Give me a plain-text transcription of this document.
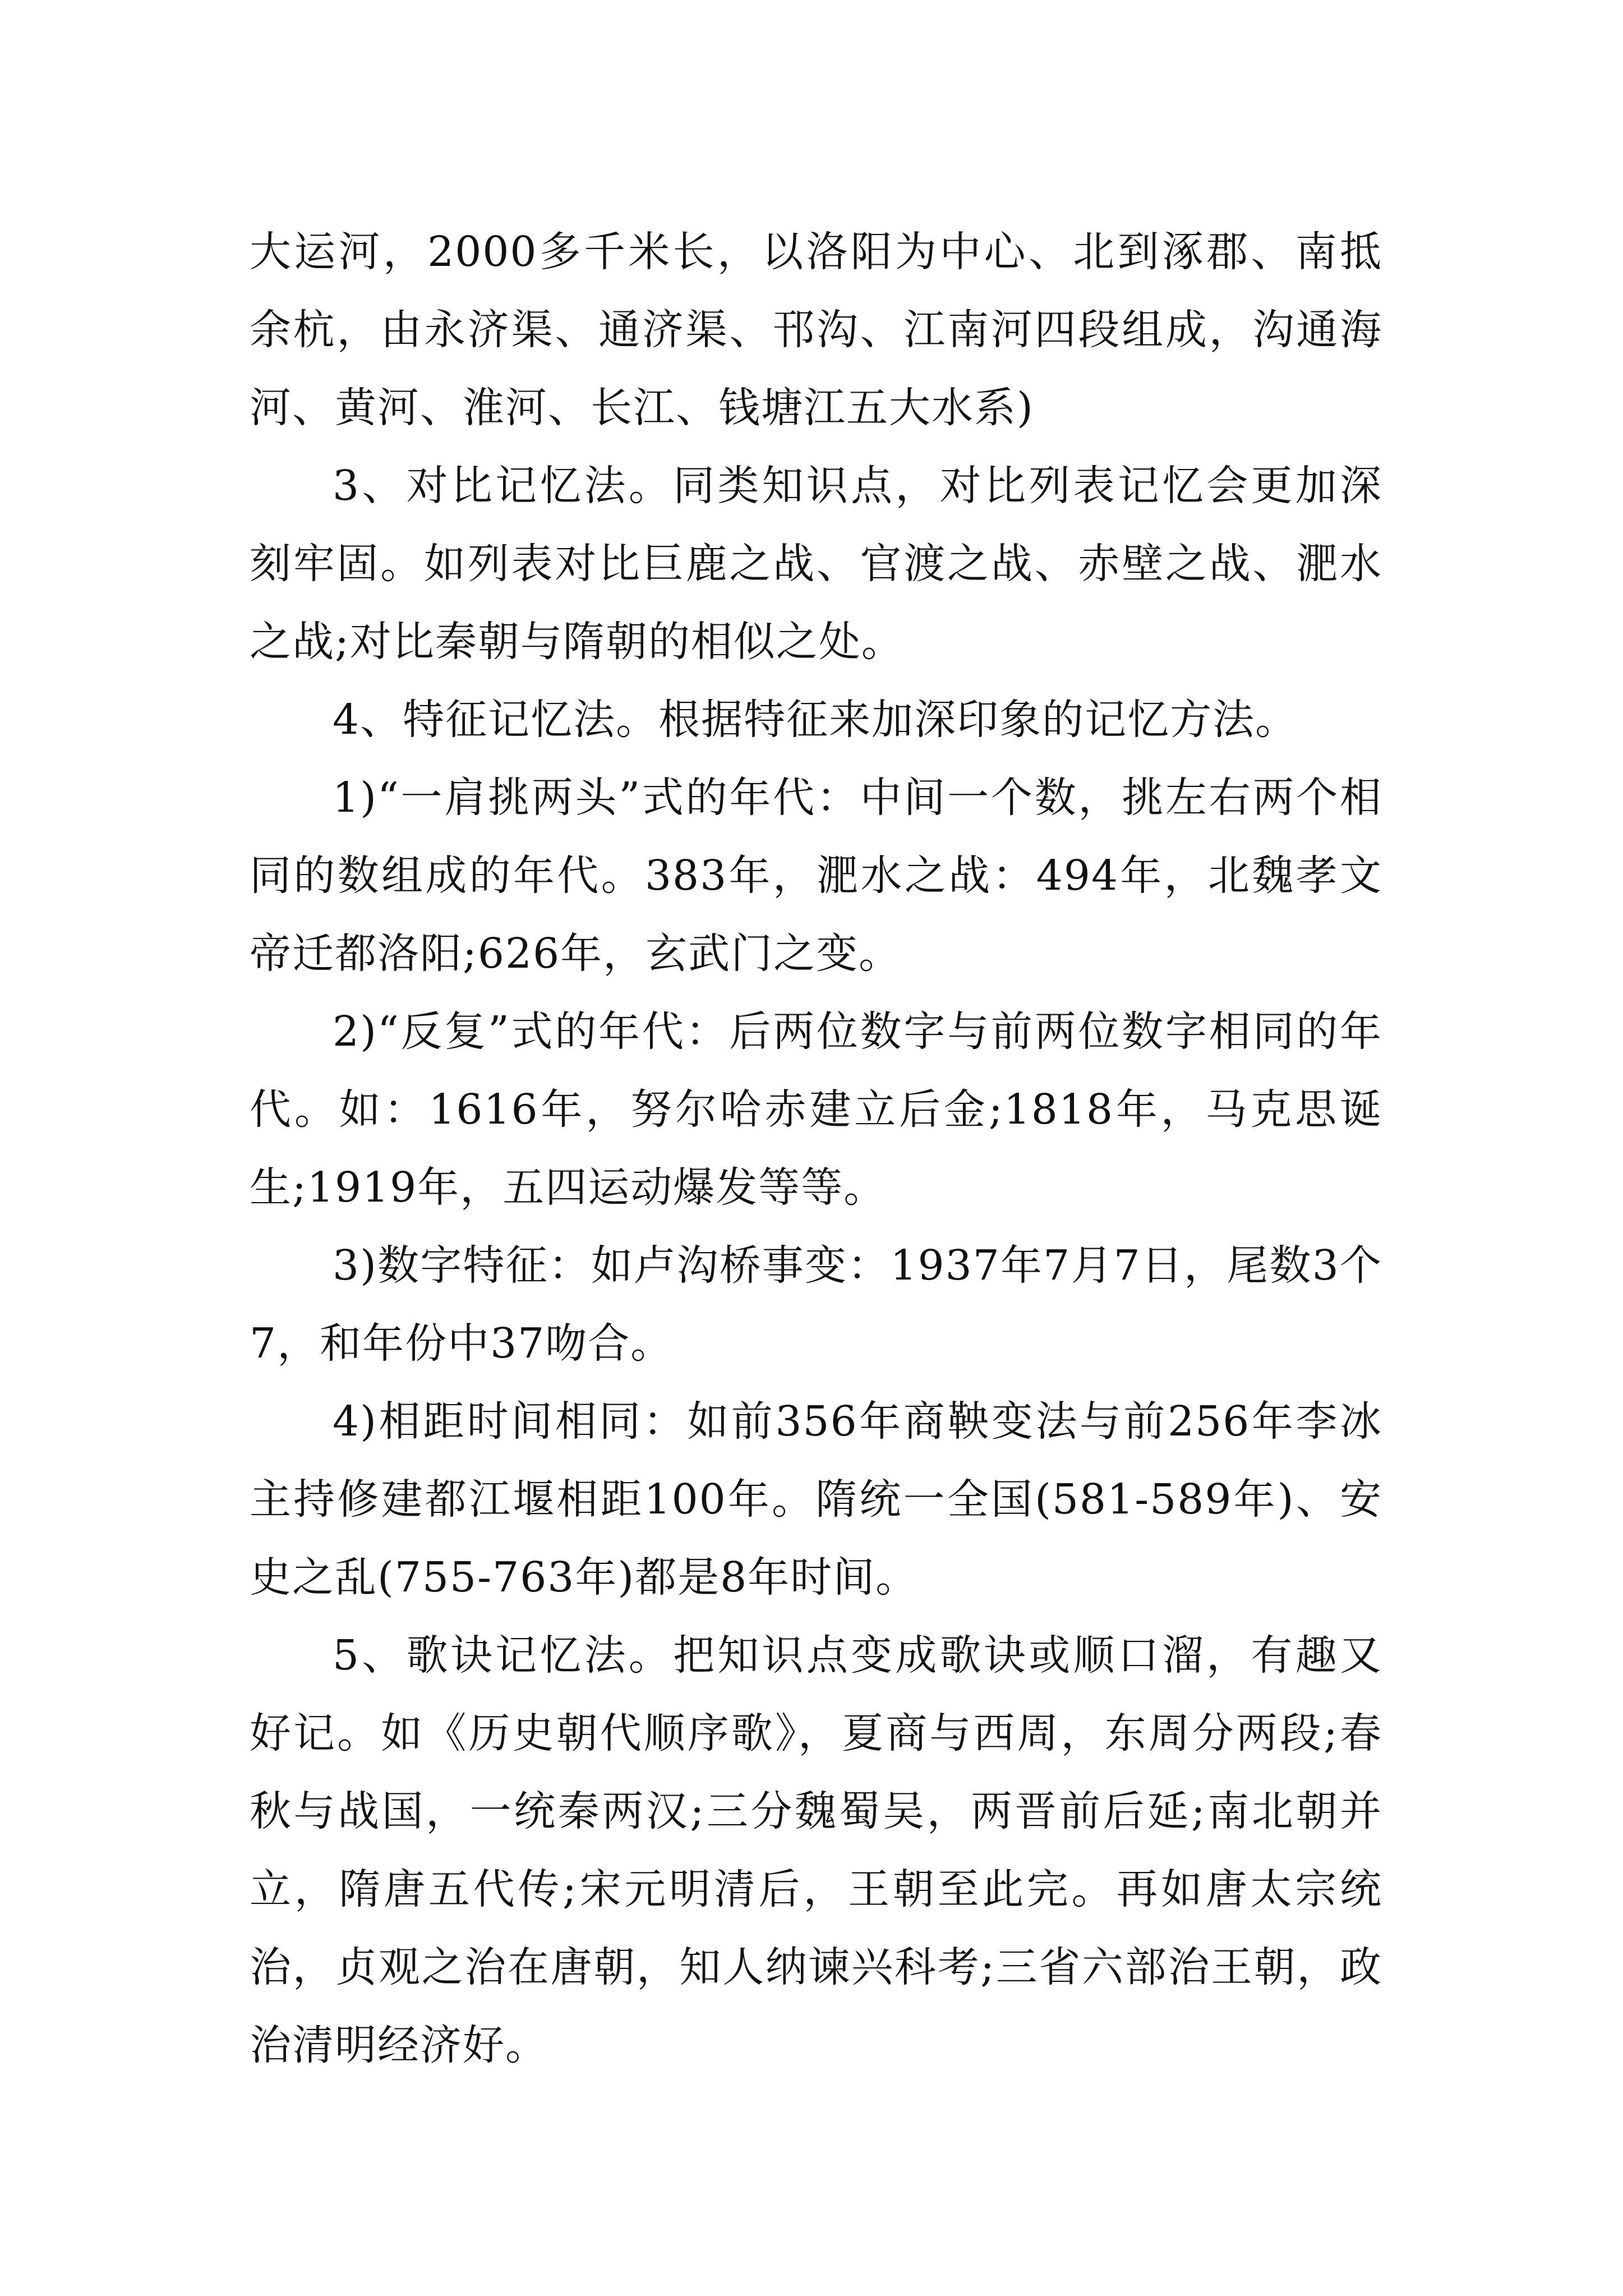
大运河，2000多千米长，以洛阳为中心、北到涿郡、南抵余杭，由永济渠、通济渠、邗沟、江南河四段组成，沟通海河、黄河、淮河、长江、钱塘江五大水系)

3、对比记忆法。同类知识点，对比列表记忆会更加深刻牢固。如列表对比巨鹿之战、官渡之战、赤壁之战、淝水之战;对比秦朝与隋朝的相似之处。

4、特征记忆法。根据特征来加深印象的记忆方法。

1)“一肩挑两头”式的年代：中间一个数，挑左右两个相同的数组成的年代。383年，淝水之战：494年，北魏孝文帝迁都洛阳;626年，玄武门之变。

2)“反复”式的年代：后两位数字与前两位数字相同的年代。如：1616年，努尔哈赤建立后金;1818年，马克思诞生;1919年，五四运动爆发等等。

3)数字特征：如卢沟桥事变：1937年7月7日，尾数3个7，和年份中37吻合。

4)相距时间相同：如前356年商鞅变法与前256年李冰主持修建都江堰相距100年。隋统一全国(581-589年)、安史之乱(755-763年)都是8年时间。

5、歌诀记忆法。把知识点变成歌诀或顺口溜，有趣又好记。如《历史朝代顺序歌》，夏商与西周，东周分两段;春秋与战国，一统秦两汉;三分魏蜀吴，两晋前后延;南北朝并立，隋唐五代传;宋元明清后，王朝至此完。再如唐太宗统治，贞观之治在唐朝，知人纳谏兴科考;三省六部治王朝，政治清明经济好。
